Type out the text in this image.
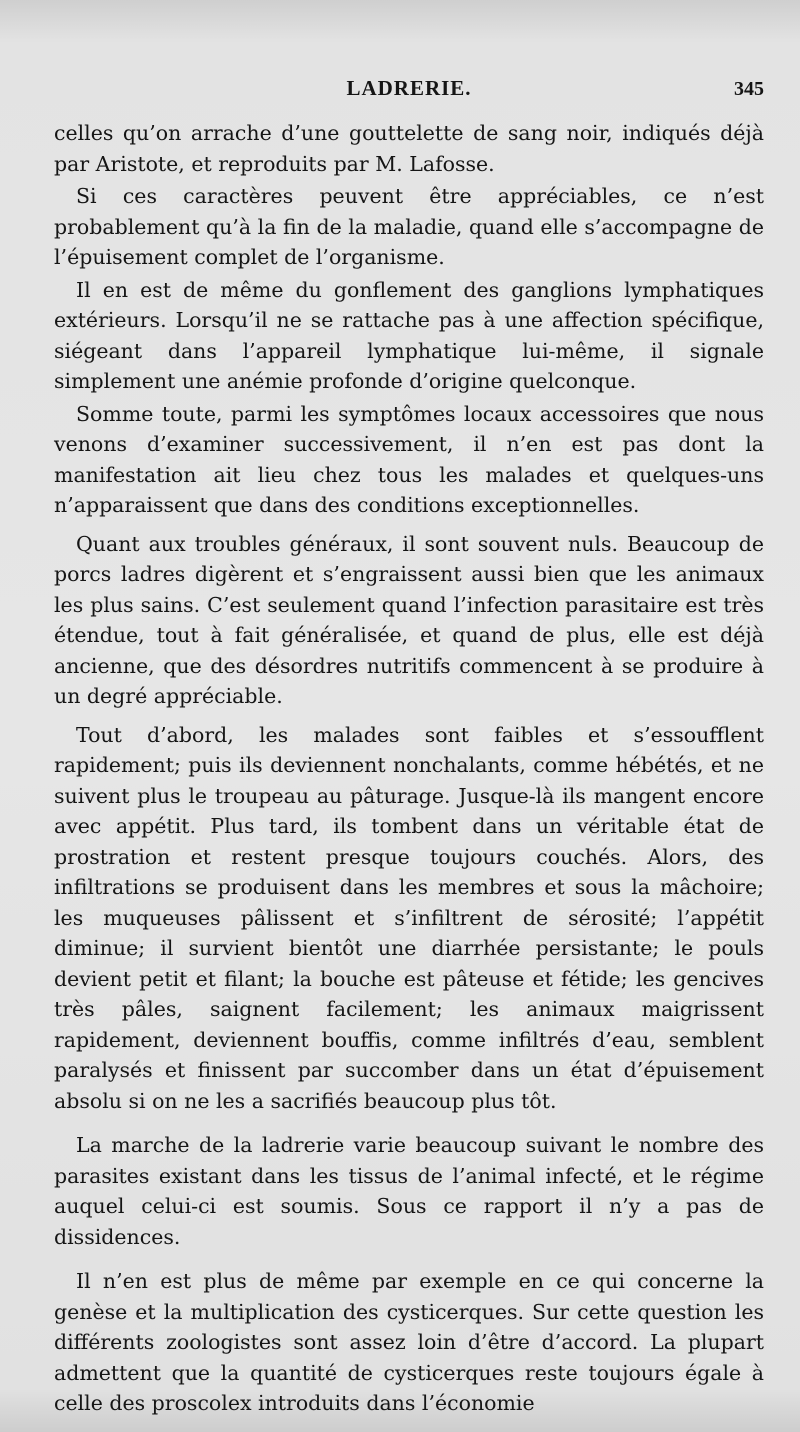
LADRERIE.	345

celles qu’on arrache d’une gouttelette de sang noir, indiqués déjà par Aristote, et reproduits par M. Lafosse.

Si ces caractères peuvent être appréciables, ce n’est probablement qu’à la fin de la maladie, quand elle s’accompagne de l’épuisement complet de l’organisme.

Il en est de même du gonflement des ganglions lymphatiques extérieurs. Lorsqu’il ne se rattache pas à une affection spécifique, siégeant dans l’appareil lymphatique lui-même, il signale simplement une anémie profonde d’origine quelconque.

Somme toute, parmi les symptômes locaux accessoires que nous venons d’examiner successivement, il n’en est pas dont la manifestation ait lieu chez tous les malades et quelques-uns n’apparaissent que dans des conditions exceptionnelles.

Quant aux troubles généraux, il sont souvent nuls. Beaucoup de porcs ladres digèrent et s’engraissent aussi bien que les animaux les plus sains. C’est seulement quand l’infection parasitaire est très étendue, tout à fait généralisée, et quand de plus, elle est déjà ancienne, que des désordres nutritifs commencent à se produire à un degré appréciable.

Tout d’abord, les malades sont faibles et s’essoufflent rapidement; puis ils deviennent nonchalants, comme hébétés, et ne suivent plus le troupeau au pâturage. Jusque-là ils mangent encore avec appétit. Plus tard, ils tombent dans un véritable état de prostration et restent presque toujours couchés. Alors, des infiltrations se produisent dans les membres et sous la mâchoire; les muqueuses pâlissent et s’infiltrent de sérosité; l’appétit diminue; il survient bientôt une diarrhée persistante; le pouls devient petit et filant; la bouche est pâteuse et fétide; les gencives très pâles, saignent facilement; les animaux maigrissent rapidement, deviennent bouffis, comme infiltrés d’eau, semblent paralysés et finissent par succomber dans un état d’épuisement absolu si on ne les a sacrifiés beaucoup plus tôt.

La marche de la ladrerie varie beaucoup suivant le nombre des parasites existant dans les tissus de l’animal infecté, et le régime auquel celui-ci est soumis. Sous ce rapport il n’y a pas de dissidences.

Il n’en est plus de même par exemple en ce qui concerne la genèse et la multiplication des cysticerques. Sur cette question les différents zoologistes sont assez loin d’être d’accord. La plupart admettent que la quantité de cysticerques reste toujours égale à celle des proscolex introduits dans l’économie
